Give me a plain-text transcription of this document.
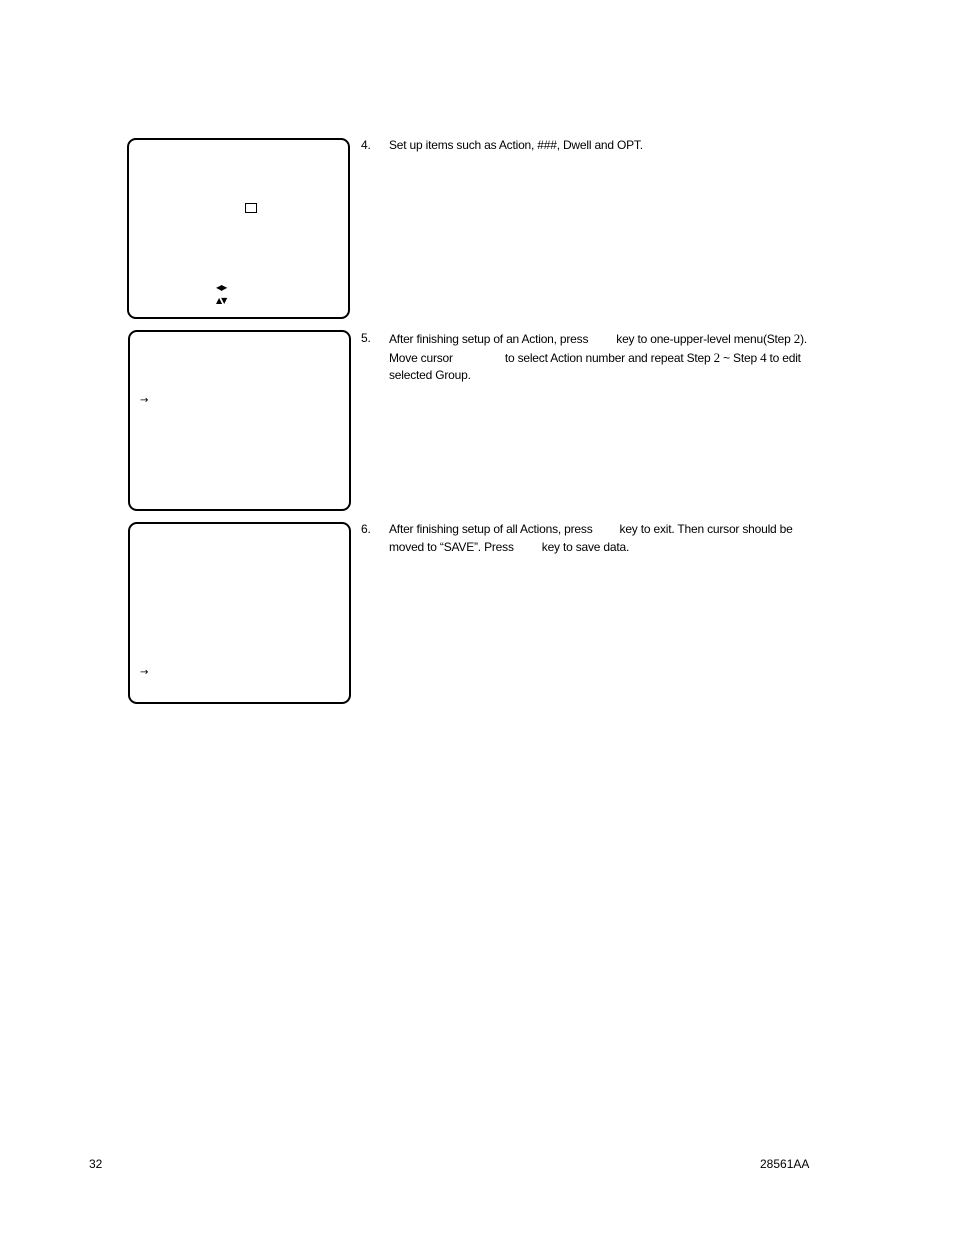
◀▶
▲▼
→
→
4. Set up items such as Action, ###, Dwell and OPT.
5. After finishing setup of an Action, press key to one-upper-level menu(Step 2).
Move cursor	to select Action number and repeat Step 2 ~ Step 4 to edit
selected Group.
6. After finishing setup of all Actions, press key to exit. Then cursor should be
moved to “SAVE”. Press key to save data.
32	28561AA
